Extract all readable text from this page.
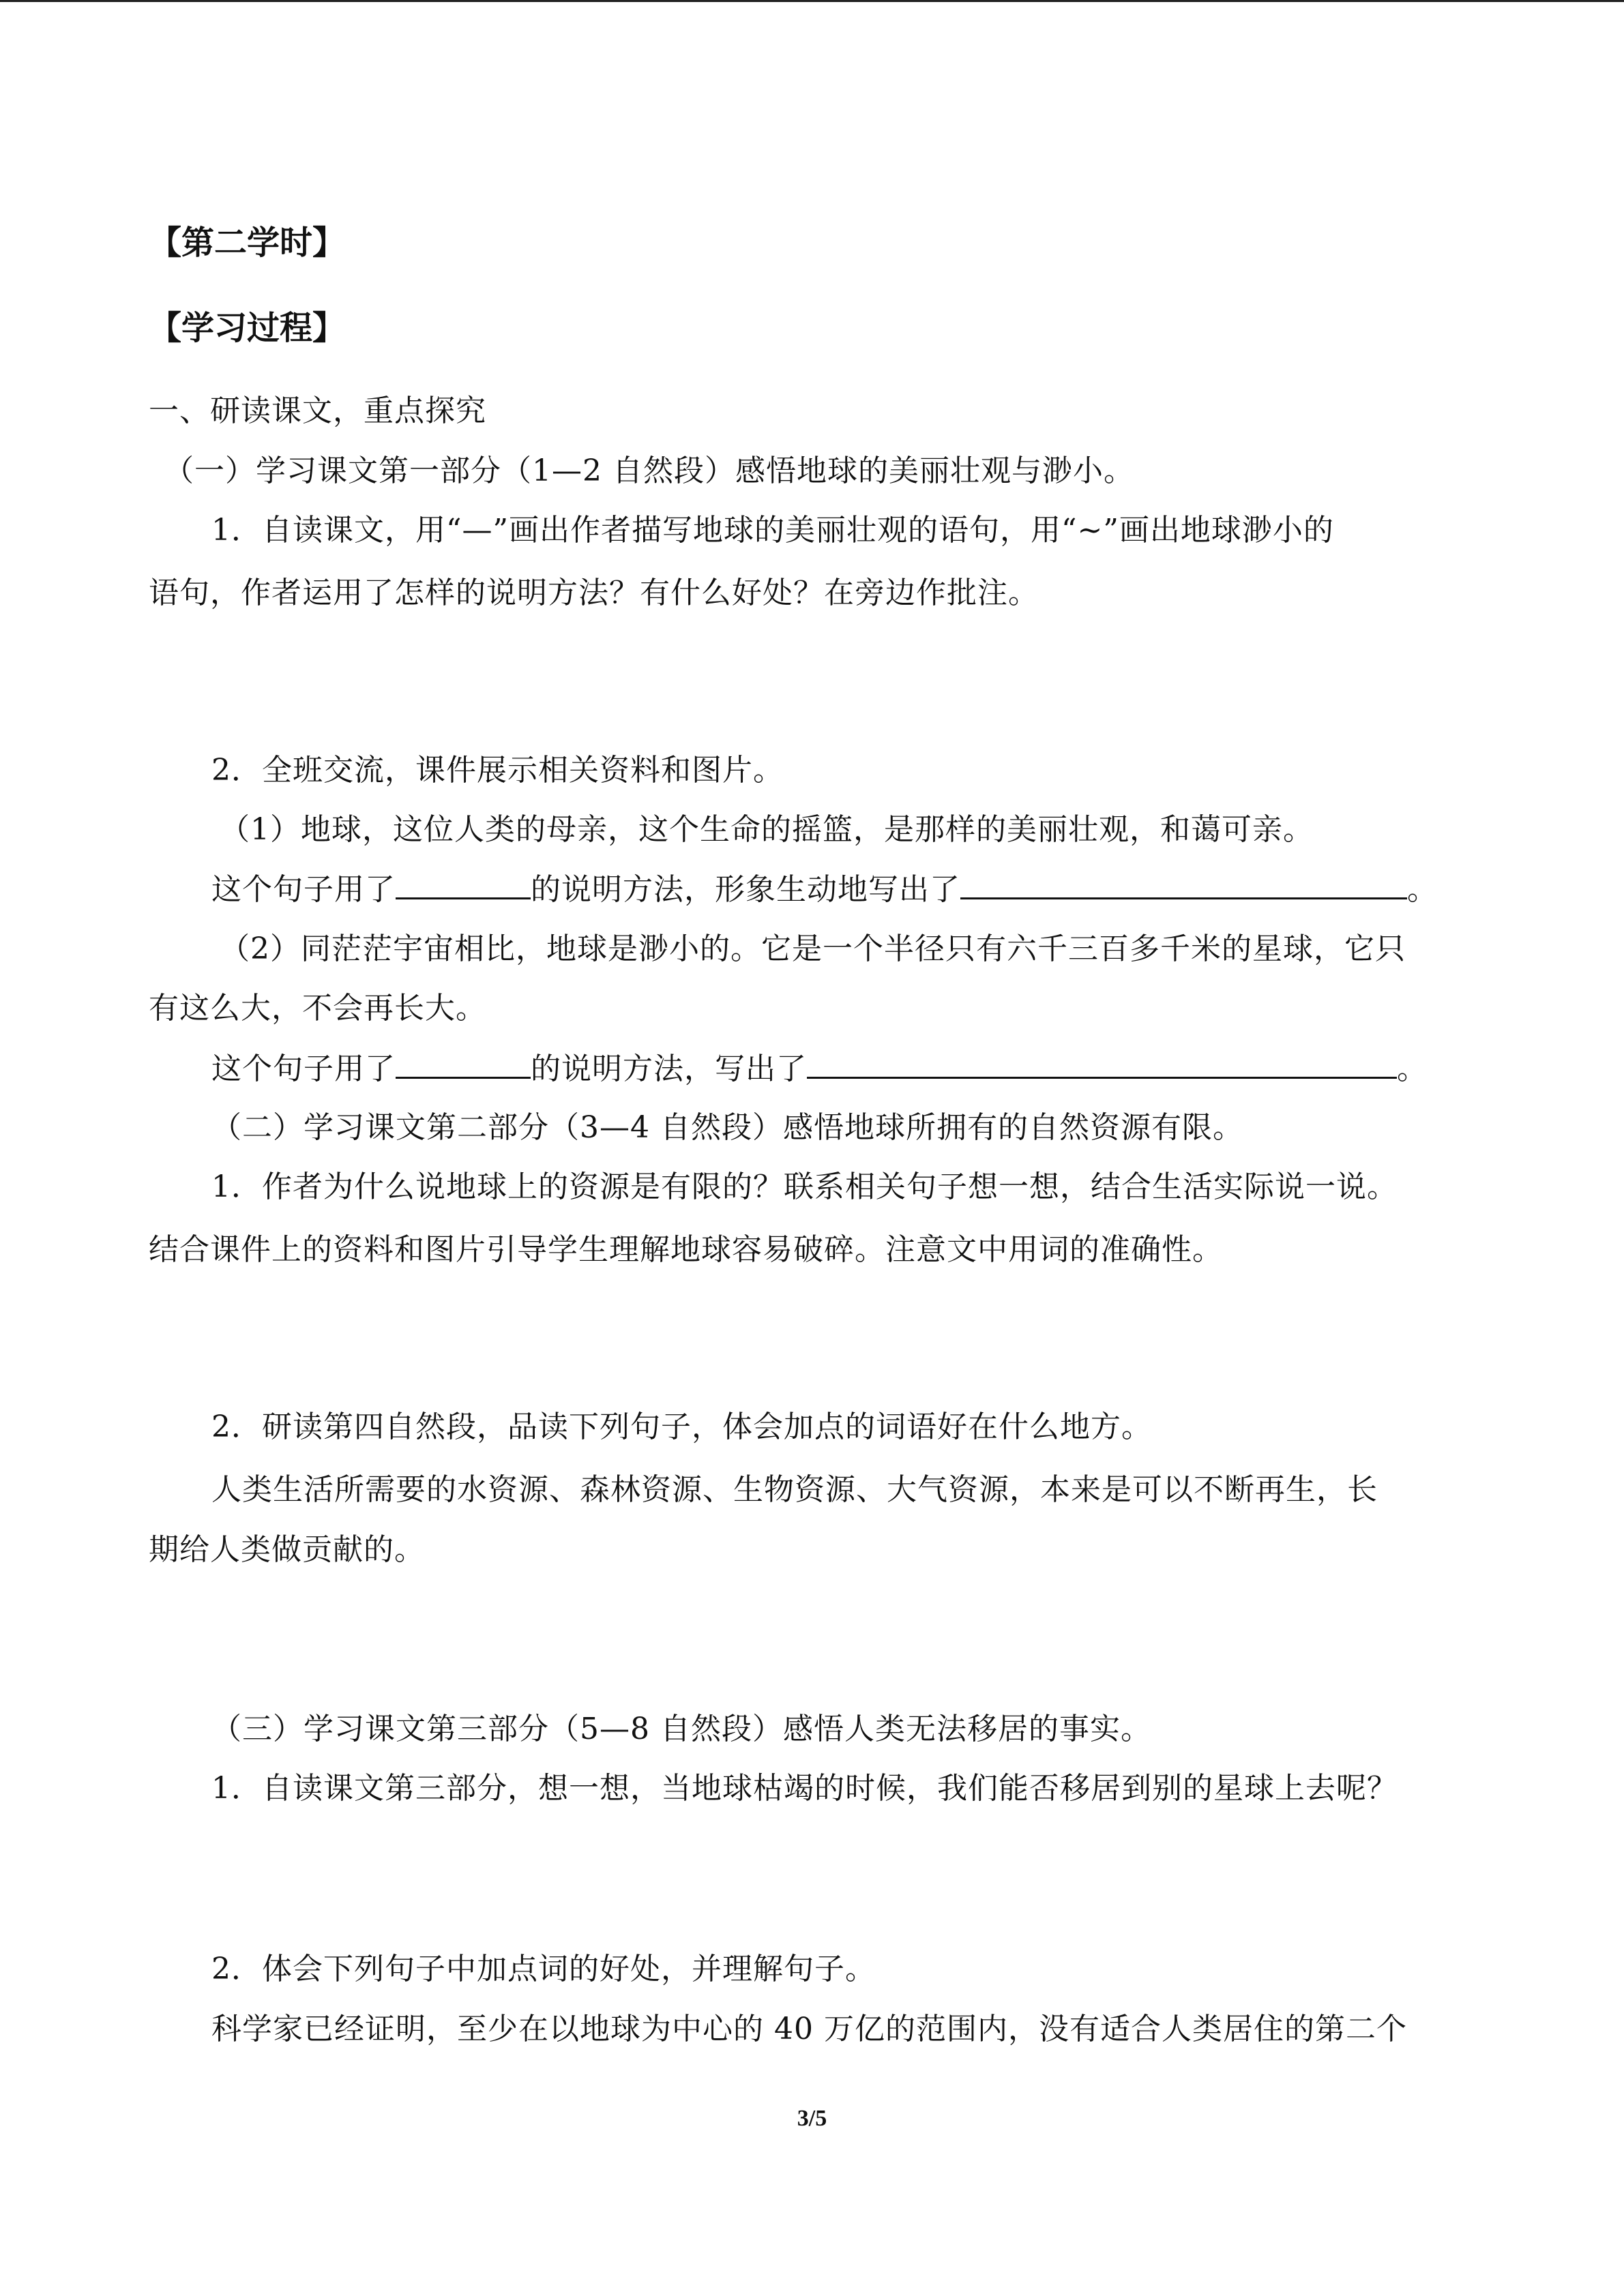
【第二学时】
【学习过程】
一、研读课文，重点探究
（一）学习课文第一部分（1—2 自然段）感悟地球的美丽壮观与渺小。
1．自读课文，用“—”画出作者描写地球的美丽壮观的语句，用“~”画出地球渺小的
语句，作者运用了怎样的说明方法？有什么好处？在旁边作批注。
2．全班交流，课件展示相关资料和图片。
（1）地球，这位人类的母亲，这个生命的摇篮，是那样的美丽壮观，和蔼可亲。
这个句子用了	的说明方法，形象生动地写出了	。
（2）同茫茫宇宙相比，地球是渺小的。它是一个半径只有六千三百多千米的星球，它只
有这么大，不会再长大。
这个句子用了	的说明方法，写出了	。
（二）学习课文第二部分（3—4 自然段）感悟地球所拥有的自然资源有限。
1．作者为什么说地球上的资源是有限的？联系相关句子想一想，结合生活实际说一说。
结合课件上的资料和图片引导学生理解地球容易破碎。注意文中用词的准确性。
2．研读第四自然段，品读下列句子，体会加点的词语好在什么地方。
人类生活所需要的水资源、森林资源、生物资源、大气资源，本来是可以不断再生，长
期给人类做贡献的。
（三）学习课文第三部分（5—8 自然段）感悟人类无法移居的事实。
1．自读课文第三部分，想一想，当地球枯竭的时候，我们能否移居到别的星球上去呢？
2．体会下列句子中加点词的好处，并理解句子。
科学家已经证明，至少在以地球为中心的 40 万亿的范围内，没有适合人类居住的第二个
3/5
